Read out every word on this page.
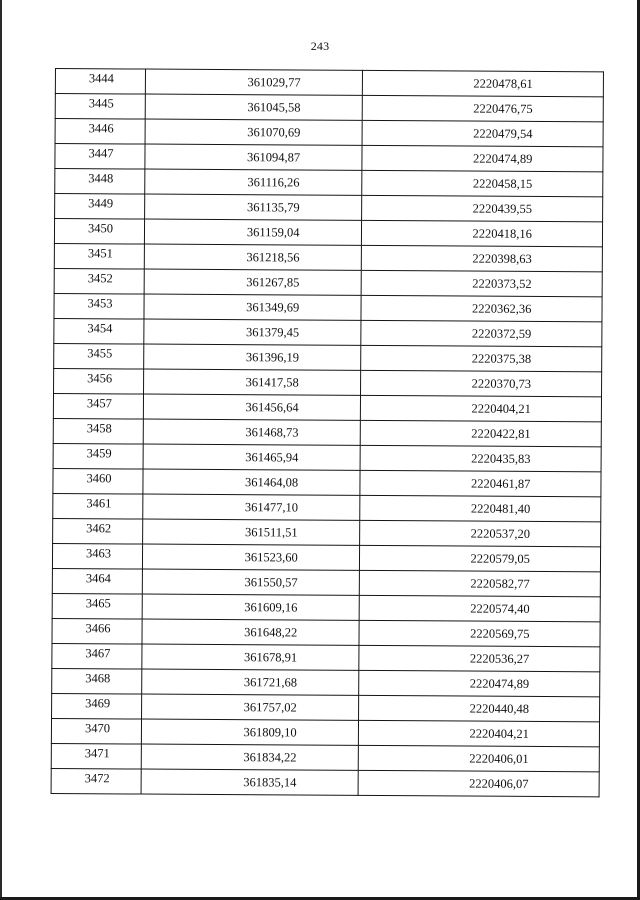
243
3444	361029,77	2220478,61
3445	361045,58	2220476,75
3446	361070,69	2220479,54
3447	361094,87	2220474,89
3448	361116,26	2220458,15
3449	361135,79	2220439,55
3450	361159,04	2220418,16
3451	361218,56	2220398,63
3452	361267,85	2220373,52
3453	361349,69	2220362,36
3454	361379,45	2220372,59
3455	361396,19	2220375,38
3456	361417,58	2220370,73
3457	361456,64	2220404,21
3458	361468,73	2220422,81
3459	361465,94	2220435,83
3460	361464,08	2220461,87
3461	361477,10	2220481,40
3462	361511,51	2220537,20
3463	361523,60	2220579,05
3464	361550,57	2220582,77
3465	361609,16	2220574,40
3466	361648,22	2220569,75
3467	361678,91	2220536,27
3468	361721,68	2220474,89
3469	361757,02	2220440,48
3470	361809,10	2220404,21
3471	361834,22	2220406,01
3472	361835,14	2220406,07
